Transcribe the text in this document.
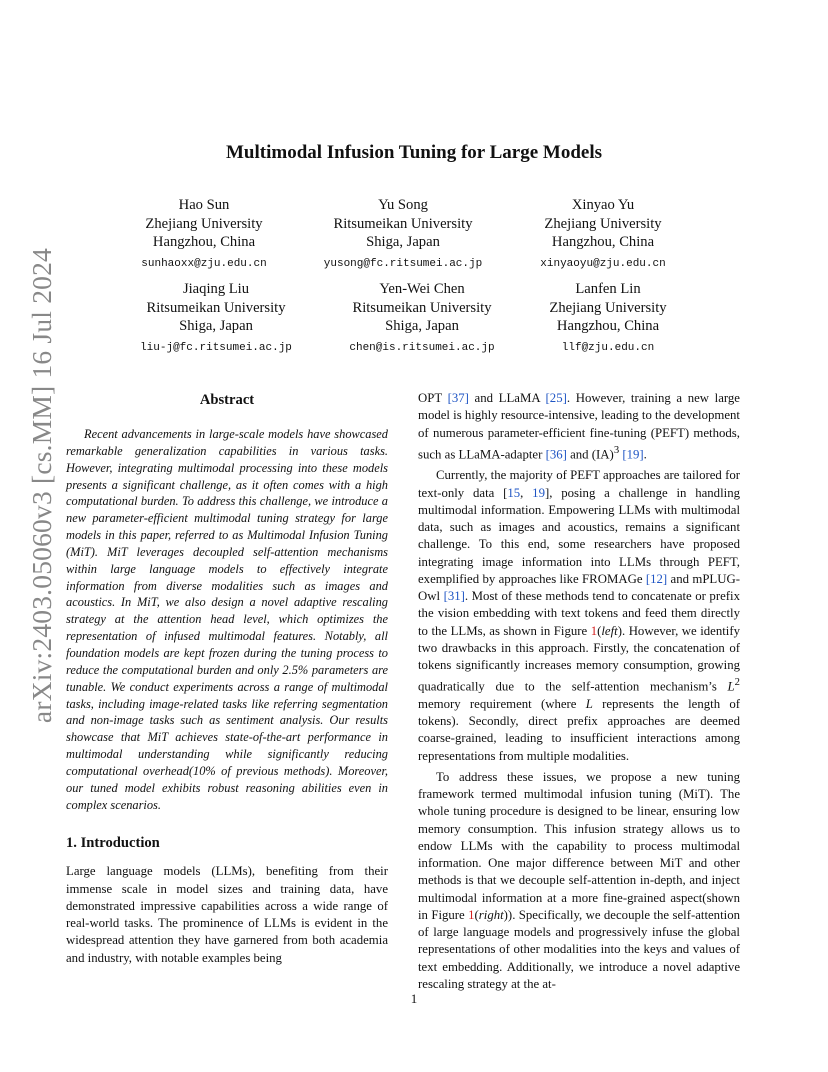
arXiv:2403.05060v3 [cs.MM] 16 Jul 2024
Multimodal Infusion Tuning for Large Models
Hao Sun
Zhejiang University
Hangzhou, China
sunhaoxx@zju.edu.cn
Yu Song
Ritsumeikan University
Shiga, Japan
yusong@fc.ritsumei.ac.jp
Xinyao Yu
Zhejiang University
Hangzhou, China
xinyaoyu@zju.edu.cn
Jiaqing Liu
Ritsumeikan University
Shiga, Japan
liu-j@fc.ritsumei.ac.jp
Yen-Wei Chen
Ritsumeikan University
Shiga, Japan
chen@is.ritsumei.ac.jp
Lanfen Lin
Zhejiang University
Hangzhou, China
llf@zju.edu.cn
Abstract

Recent advancements in large-scale models have showcased remarkable generalization capabilities in various tasks. However, integrating multimodal processing into these models presents a significant challenge, as it often comes with a high computational burden. To address this challenge, we introduce a new parameter-efficient multimodal tuning strategy for large models in this paper, referred to as Multimodal Infusion Tuning (MiT). MiT leverages decoupled self-attention mechanisms within large language models to effectively integrate information from diverse modalities such as images and acoustics. In MiT, we also design a novel adaptive rescaling strategy at the attention head level, which optimizes the representation of infused multimodal features. Notably, all foundation models are kept frozen during the tuning process to reduce the computational burden and only 2.5% parameters are tunable. We conduct experiments across a range of multimodal tasks, including image-related tasks like referring segmentation and non-image tasks such as sentiment analysis. Our results showcase that MiT achieves state-of-the-art performance in multimodal understanding while significantly reducing computational overhead(10% of previous methods). Moreover, our tuned model exhibits robust reasoning abilities even in complex scenarios.

1. Introduction

Large language models (LLMs), benefiting from their immense scale in model sizes and training data, have demonstrated impressive capabilities across a wide range of real-world tasks. The prominence of LLMs is evident in the widespread attention they have garnered from both academia and industry, with notable examples being

OPT [37] and LLaMA [25]. However, training a new large model is highly resource-intensive, leading to the development of numerous parameter-efficient fine-tuning (PEFT) methods, such as LLaMA-adapter [36] and (IA)$^3$ [19].

Currently, the majority of PEFT approaches are tailored for text-only data [15, 19], posing a challenge in handling multimodal information. Empowering LLMs with multimodal data, such as images and acoustics, remains a significant challenge. To this end, some researchers have proposed integrating image information into LLMs through PEFT, exemplified by approaches like FROMAGe [12] and mPLUG-Owl [31]. Most of these methods tend to concatenate or prefix the vision embedding with text tokens and feed them directly to the LLMs, as shown in Figure 1(left). However, we identify two drawbacks in this approach. Firstly, the concatenation of tokens significantly increases memory consumption, growing quadratically due to the self-attention mechanism’s $L^2$ memory requirement (where L represents the length of tokens). Secondly, direct prefix approaches are deemed coarse-grained, leading to insufficient interactions among representations from multiple modalities.

To address these issues, we propose a new tuning framework termed multimodal infusion tuning (MiT). The whole tuning procedure is designed to be linear, ensuring low memory consumption. This infusion strategy allows us to endow LLMs with the capability to process multimodal information. One major difference between MiT and other methods is that we decouple self-attention in-depth, and inject multimodal information at a more fine-grained aspect(shown in Figure 1(right)). Specifically, we decouple the self-attention of large language models and progressively infuse the global representations of other modalities into the keys and values of text embedding. Additionally, we introduce a novel adaptive rescaling strategy at the at-

1
